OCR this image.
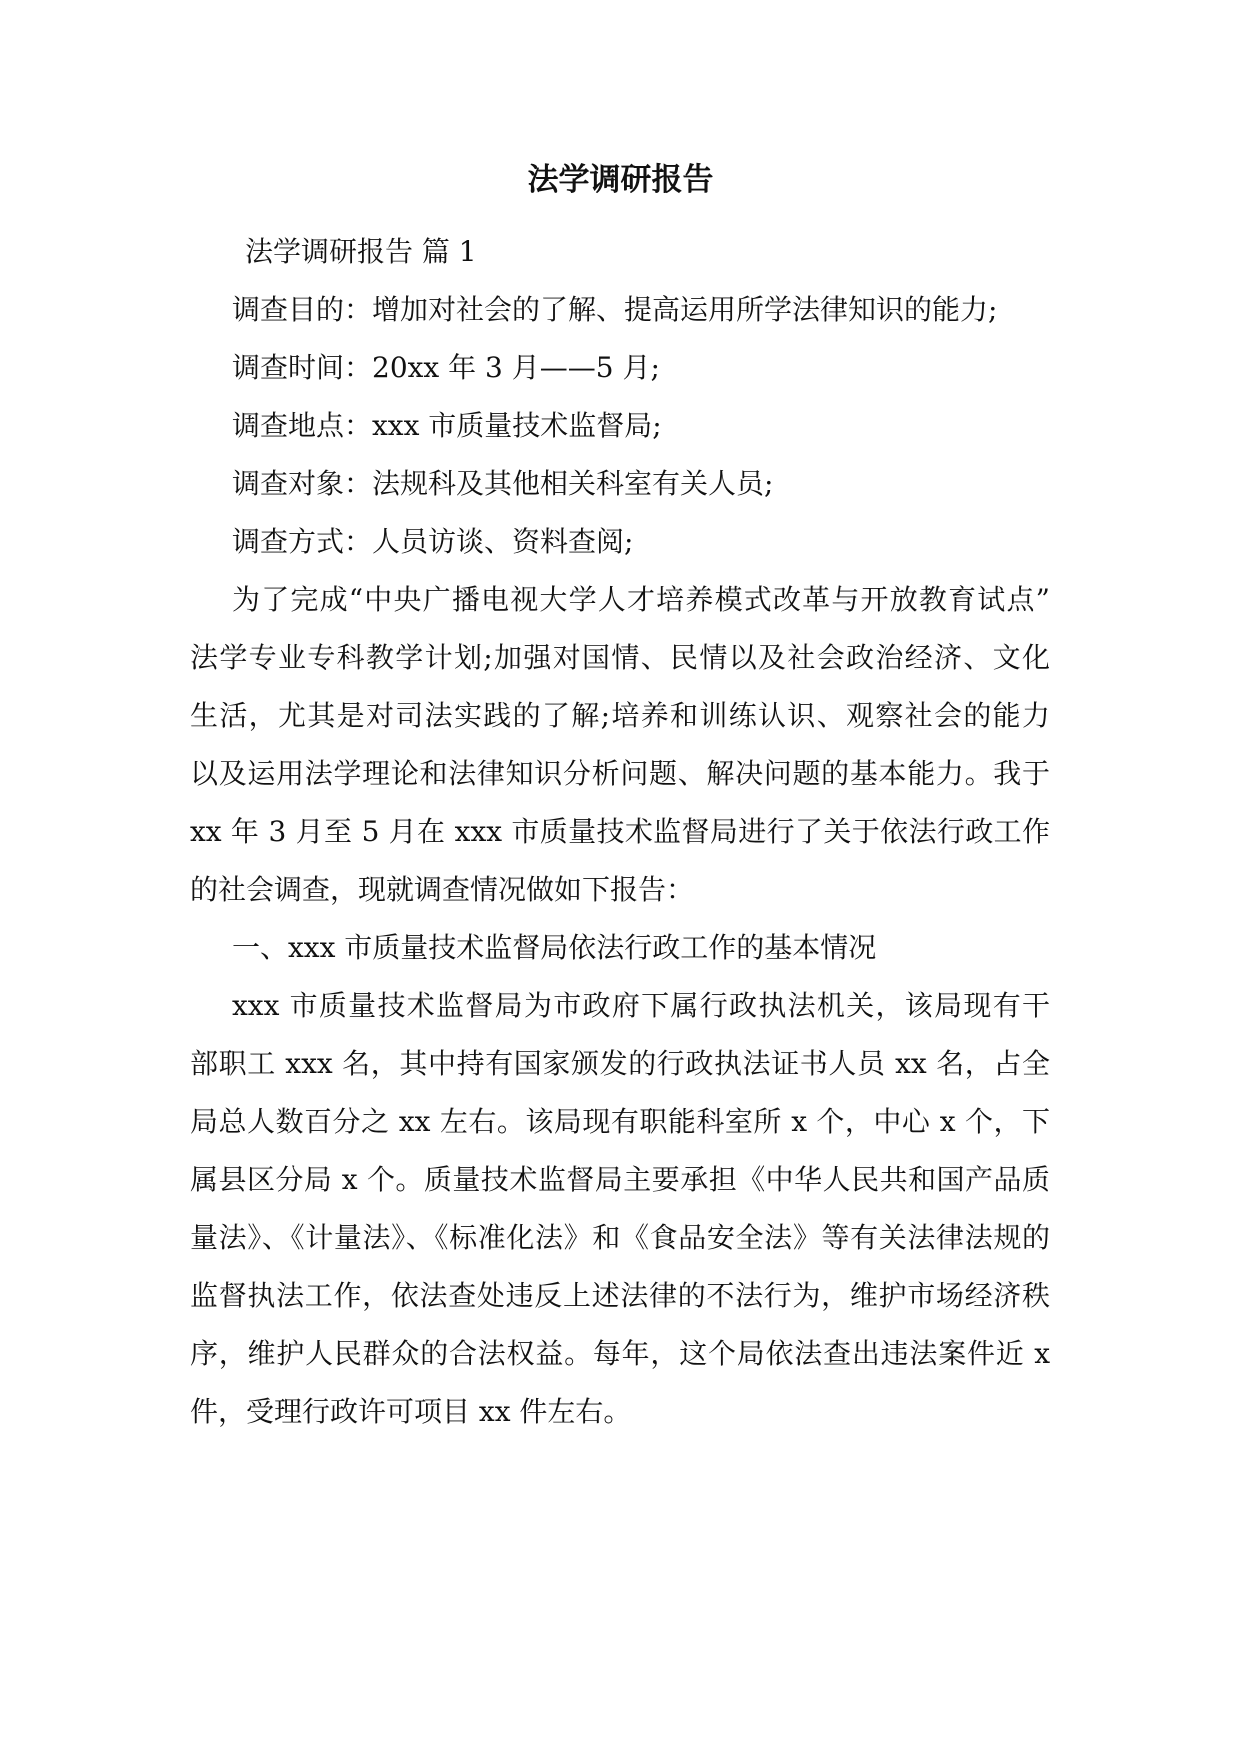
法学调研报告

法学调研报告 篇 1

调查目的：增加对社会的了解、提高运用所学法律知识的能力;

调查时间：20xx 年 3 月——5 月;

调查地点：xxx 市质量技术监督局;

调查对象：法规科及其他相关科室有关人员;

调查方式：人员访谈、资料查阅;

为了完成“中央广播电视大学人才培养模式改革与开放教育试点”

法学专业专科教学计划;加强对国情、民情以及社会政治经济、文化

生活，尤其是对司法实践的了解;培养和训练认识、观察社会的能力

以及运用法学理论和法律知识分析问题、解决问题的基本能力。我于

xx 年 3 月至 5 月在 xxx 市质量技术监督局进行了关于依法行政工作

的社会调查，现就调查情况做如下报告：

一、xxx 市质量技术监督局依法行政工作的基本情况

xxx 市质量技术监督局为市政府下属行政执法机关，该局现有干

部职工 xxx 名，其中持有国家颁发的行政执法证书人员 xx 名，占全

局总人数百分之 xx 左右。该局现有职能科室所 x 个，中心 x 个，下

属县区分局 x 个。质量技术监督局主要承担《中华人民共和国产品质

量法》、《计量法》、《标准化法》和《食品安全法》等有关法律法规的

监督执法工作，依法查处违反上述法律的不法行为，维护市场经济秩

序，维护人民群众的合法权益。每年，这个局依法查出违法案件近 x

件，受理行政许可项目 xx 件左右。
